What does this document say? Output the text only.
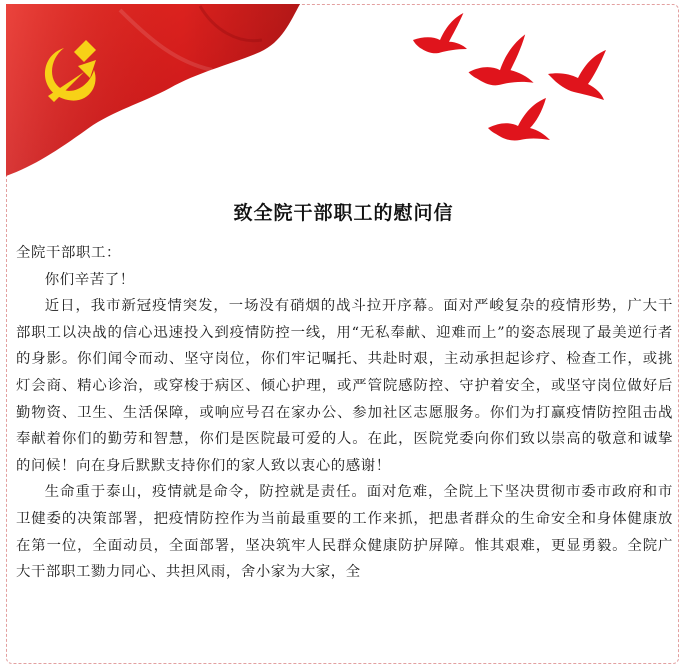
致全院干部职工的慰问信

全院干部职工：

你们辛苦了！

近日，我市新冠疫情突发，一场没有硝烟的战斗拉开序幕。面对严峻复杂的疫情形势，广大干部职工以决战的信心迅速投入到疫情防控一线，用“无私奉献、迎难而上”的姿态展现了最美逆行者的身影。你们闻令而动、坚守岗位，你们牢记嘱托、共赴时艰，主动承担起诊疗、检查工作，或挑灯会商、精心诊治，或穿梭于病区、倾心护理，或严管院感防控、守护着安全，或坚守岗位做好后勤物资、卫生、生活保障，或响应号召在家办公、参加社区志愿服务。你们为打赢疫情防控阻击战奉献着你们的勤劳和智慧，你们是医院最可爱的人。在此，医院党委向你们致以崇高的敬意和诚挚的问候！向在身后默默支持你们的家人致以衷心的感谢！

生命重于泰山，疫情就是命令，防控就是责任。面对危难，全院上下坚决贯彻市委市政府和市卫健委的决策部署，把疫情防控作为当前最重要的工作来抓，把患者群众的生命安全和身体健康放在第一位，全面动员，全面部署，坚决筑牢人民群众健康防护屏障。惟其艰难，更显勇毅。全院广大干部职工勠力同心、共担风雨，舍小家为大家，全
